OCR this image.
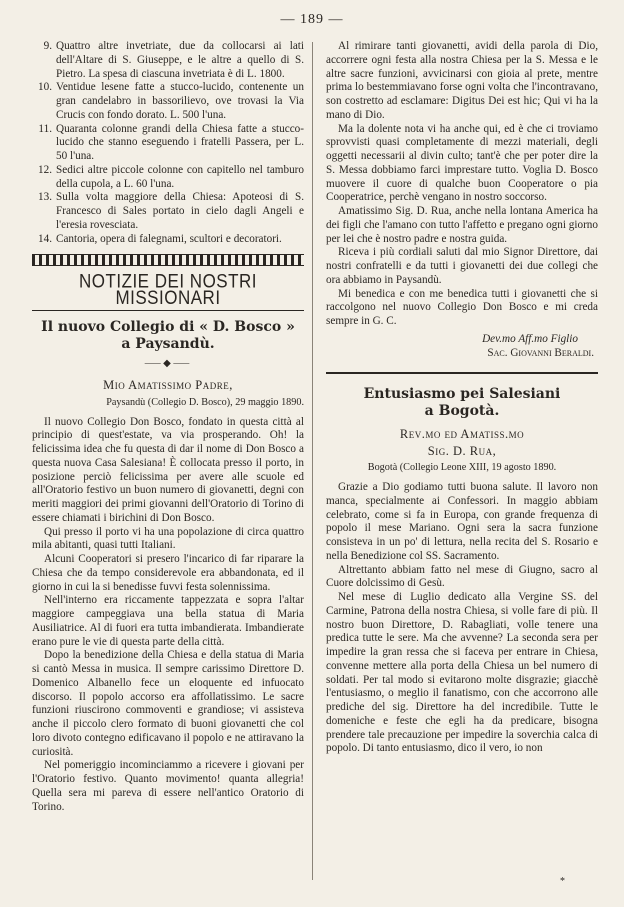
— 189 —
9. Quattro altre invetriate, due da collocarsi ai lati dell'Altare di S. Giuseppe, e le altre a quello di S. Pietro. La spesa di ciascuna invetriata è di L. 1800.
10. Ventidue lesene fatte a stucco-lucido, contenente un gran candelabro in bassorilievo, ove trovasi la Via Crucis con fondo dorato. L. 500 l'una.
11. Quaranta colonne grandi della Chiesa fatte a stucco-lucido che stanno eseguendo i fratelli Passera, per L. 50 l'una.
12. Sedici altre piccole colonne con capitello nel tamburo della cupola, a L. 60 l'una.
13. Sulla volta maggiore della Chiesa: Apoteosi di S. Francesco di Sales portato in cielo dagli Angeli e l'eresia rovesciata.
14. Cantoria, opera di falegnami, scultori e decoratori.
NOTIZIE DEI NOSTRI MISSIONARI
Il nuovo Collegio di « D. Bosco »
a Paysandù.
⸺◆⸺
Mio Amatissimo Padre,
Paysandù (Collegio D. Bosco), 29 maggio 1890.

Il nuovo Collegio Don Bosco, fondato in questa città al principio di quest'estate, va via prosperando. Oh! la felicissima idea che fu questa di dar il nome di Don Bosco a questa nuova Casa Salesiana! È collocata presso il porto, in posizione perciò felicissima per avere alle scuole ed all'Oratorio festivo un buon numero di giovanetti, degni con meriti maggiori dei primi giovanni dell'Oratorio di Torino di essere chiamati i birichini di Don Bosco.

Qui presso il porto vi ha una popolazione di circa quattro mila abitanti, quasi tutti Italiani.

Alcuni Cooperatori si presero l'incarico di far riparare la Chiesa che da tempo considerevole era abbandonata, ed il giorno in cui la si benedisse fuvvi festa solennissima.

Nell'interno era riccamente tappezzata e sopra l'altar maggiore campeggiava una bella statua di Maria Ausiliatrice. Al di fuori era tutta imbandierata. Imbandierate erano pure le vie di questa parte della città.

Dopo la benedizione della Chiesa e della statua di Maria si cantò Messa in musica. Il sempre carissimo Direttore D. Domenico Albanello fece un eloquente ed infuocato discorso. Il popolo accorso era affollatissimo. Le sacre funzioni riuscirono commoventi e grandiose; vi assisteva anche il piccolo clero formato di buoni giovanetti che col loro divoto contegno edificavano il popolo e ne attiravano la curiosità.

Nel pomeriggio incominciammo a ricevere i giovani per l'Oratorio festivo. Quanto movimento! quanta allegria! Quella sera mi pareva di essere nell'antico Oratorio di Torino.

Al rimirare tanti giovanetti, avidi della parola di Dio, accorrere ogni festa alla nostra Chiesa per la S. Messa e le altre sacre funzioni, avvicinarsi con gioia al prete, mentre prima lo bestemmiavano forse ogni volta che l'incontravano, son costretto ad esclamare: Digitus Dei est hic; Qui vi ha la mano di Dio.

Ma la dolente nota vi ha anche qui, ed è che ci troviamo sprovvisti quasi completamente di mezzi materiali, degli oggetti necessarii al divin culto; tant'è che per poter dire la S. Messa dobbiamo farci imprestare tutto. Voglia D. Bosco muovere il cuore di qualche buon Cooperatore o pia Cooperatrice, perchè vengano in nostro soccorso.

Amatissimo Sig. D. Rua, anche nella lontana America ha dei figli che l'amano con tutto l'affetto e pregano ogni giorno per lei che è nostro padre e nostra guida.

Riceva i più cordiali saluti dal mio Signor Direttore, dai nostri confratelli e da tutti i giovanetti dei due collegi che ora abbiamo in Paysandù.

Mi benedica e con me benedica tutti i giovanetti che si raccolgono nel nuovo Collegio Don Bosco e mi creda sempre in G. C.

Dev.mo Aff.mo Figlio
Sac. Giovanni Beraldi.
Entusiasmo pei Salesiani
a Bogotà.
Rev.mo ed Amatiss.mo
Sig. D. Rua,
Bogotà (Collegio Leone XIII, 19 agosto 1890.

Grazie a Dio godiamo tutti buona salute. Il lavoro non manca, specialmente ai Confessori. In maggio abbiam celebrato, come si fa in Europa, con grande frequenza di popolo il mese Mariano. Ogni sera la sacra funzione consisteva in un po' di lettura, nella recita del S. Rosario e nella Benedizione col SS. Sacramento.

Altrettanto abbiam fatto nel mese di Giugno, sacro al Cuore dolcissimo di Gesù.

Nel mese di Luglio dedicato alla Vergine SS. del Carmine, Patrona della nostra Chiesa, si volle fare di più. Il nostro buon Direttore, D. Rabagliati, volle tenere una predica tutte le sere. Ma che avvenne? La seconda sera per impedire la gran ressa che si faceva per entrare in Chiesa, convenne mettere alla porta della Chiesa un bel numero di soldati. Per tal modo si evitarono molte disgrazie; giacchè l'entusiasmo, o meglio il fanatismo, con che accorrono alle prediche del sig. Direttore ha del incredibile. Tutte le domeniche e feste che egli ha da predicare, bisogna prendere tale precauzione per impedire la soverchia calca di popolo. Di tanto entusiasmo, dico il vero, io non

*
